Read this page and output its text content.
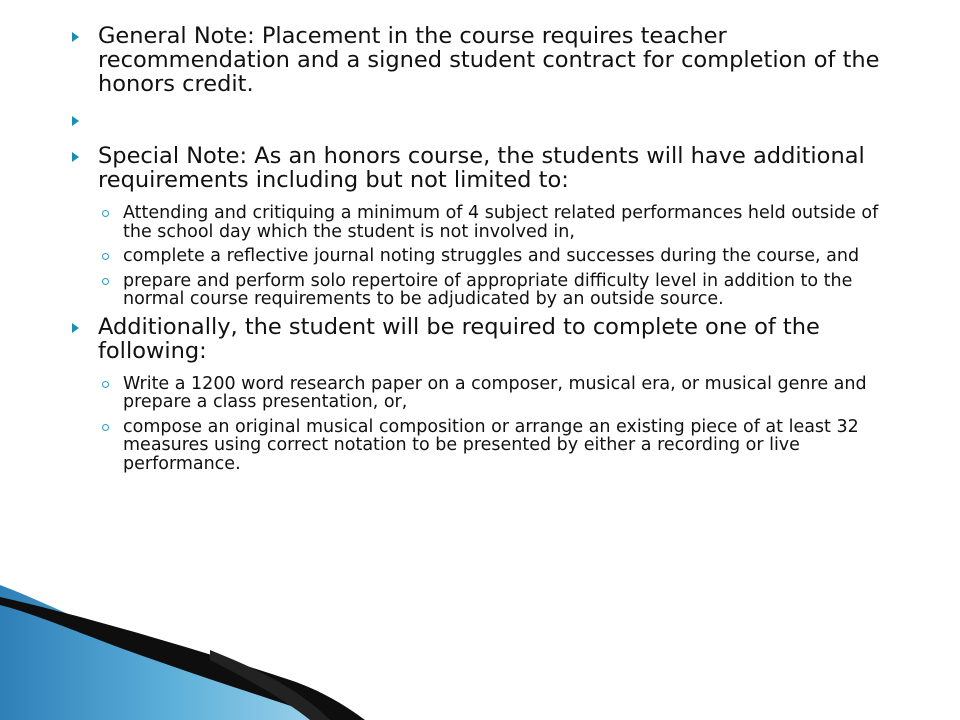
General Note: Placement in the course requires teacher recommendation and a signed student contract for completion of the honors credit.
Special Note: As an honors course, the students will have additional requirements including but not limited to:
Attending and critiquing a minimum of 4 subject related performances held outside of the school day which the student is not involved in,
complete a reflective journal noting struggles and successes during the course, and
prepare and perform solo repertoire of appropriate difficulty level in addition to the normal course requirements to be adjudicated by an outside source.
Additionally, the student will be required to complete one of the following:
Write a 1200 word research paper on a composer, musical era, or musical genre and prepare a class presentation, or,
compose an original musical composition or arrange an existing piece of at least 32 measures using correct notation to be presented by either a recording or live performance.
